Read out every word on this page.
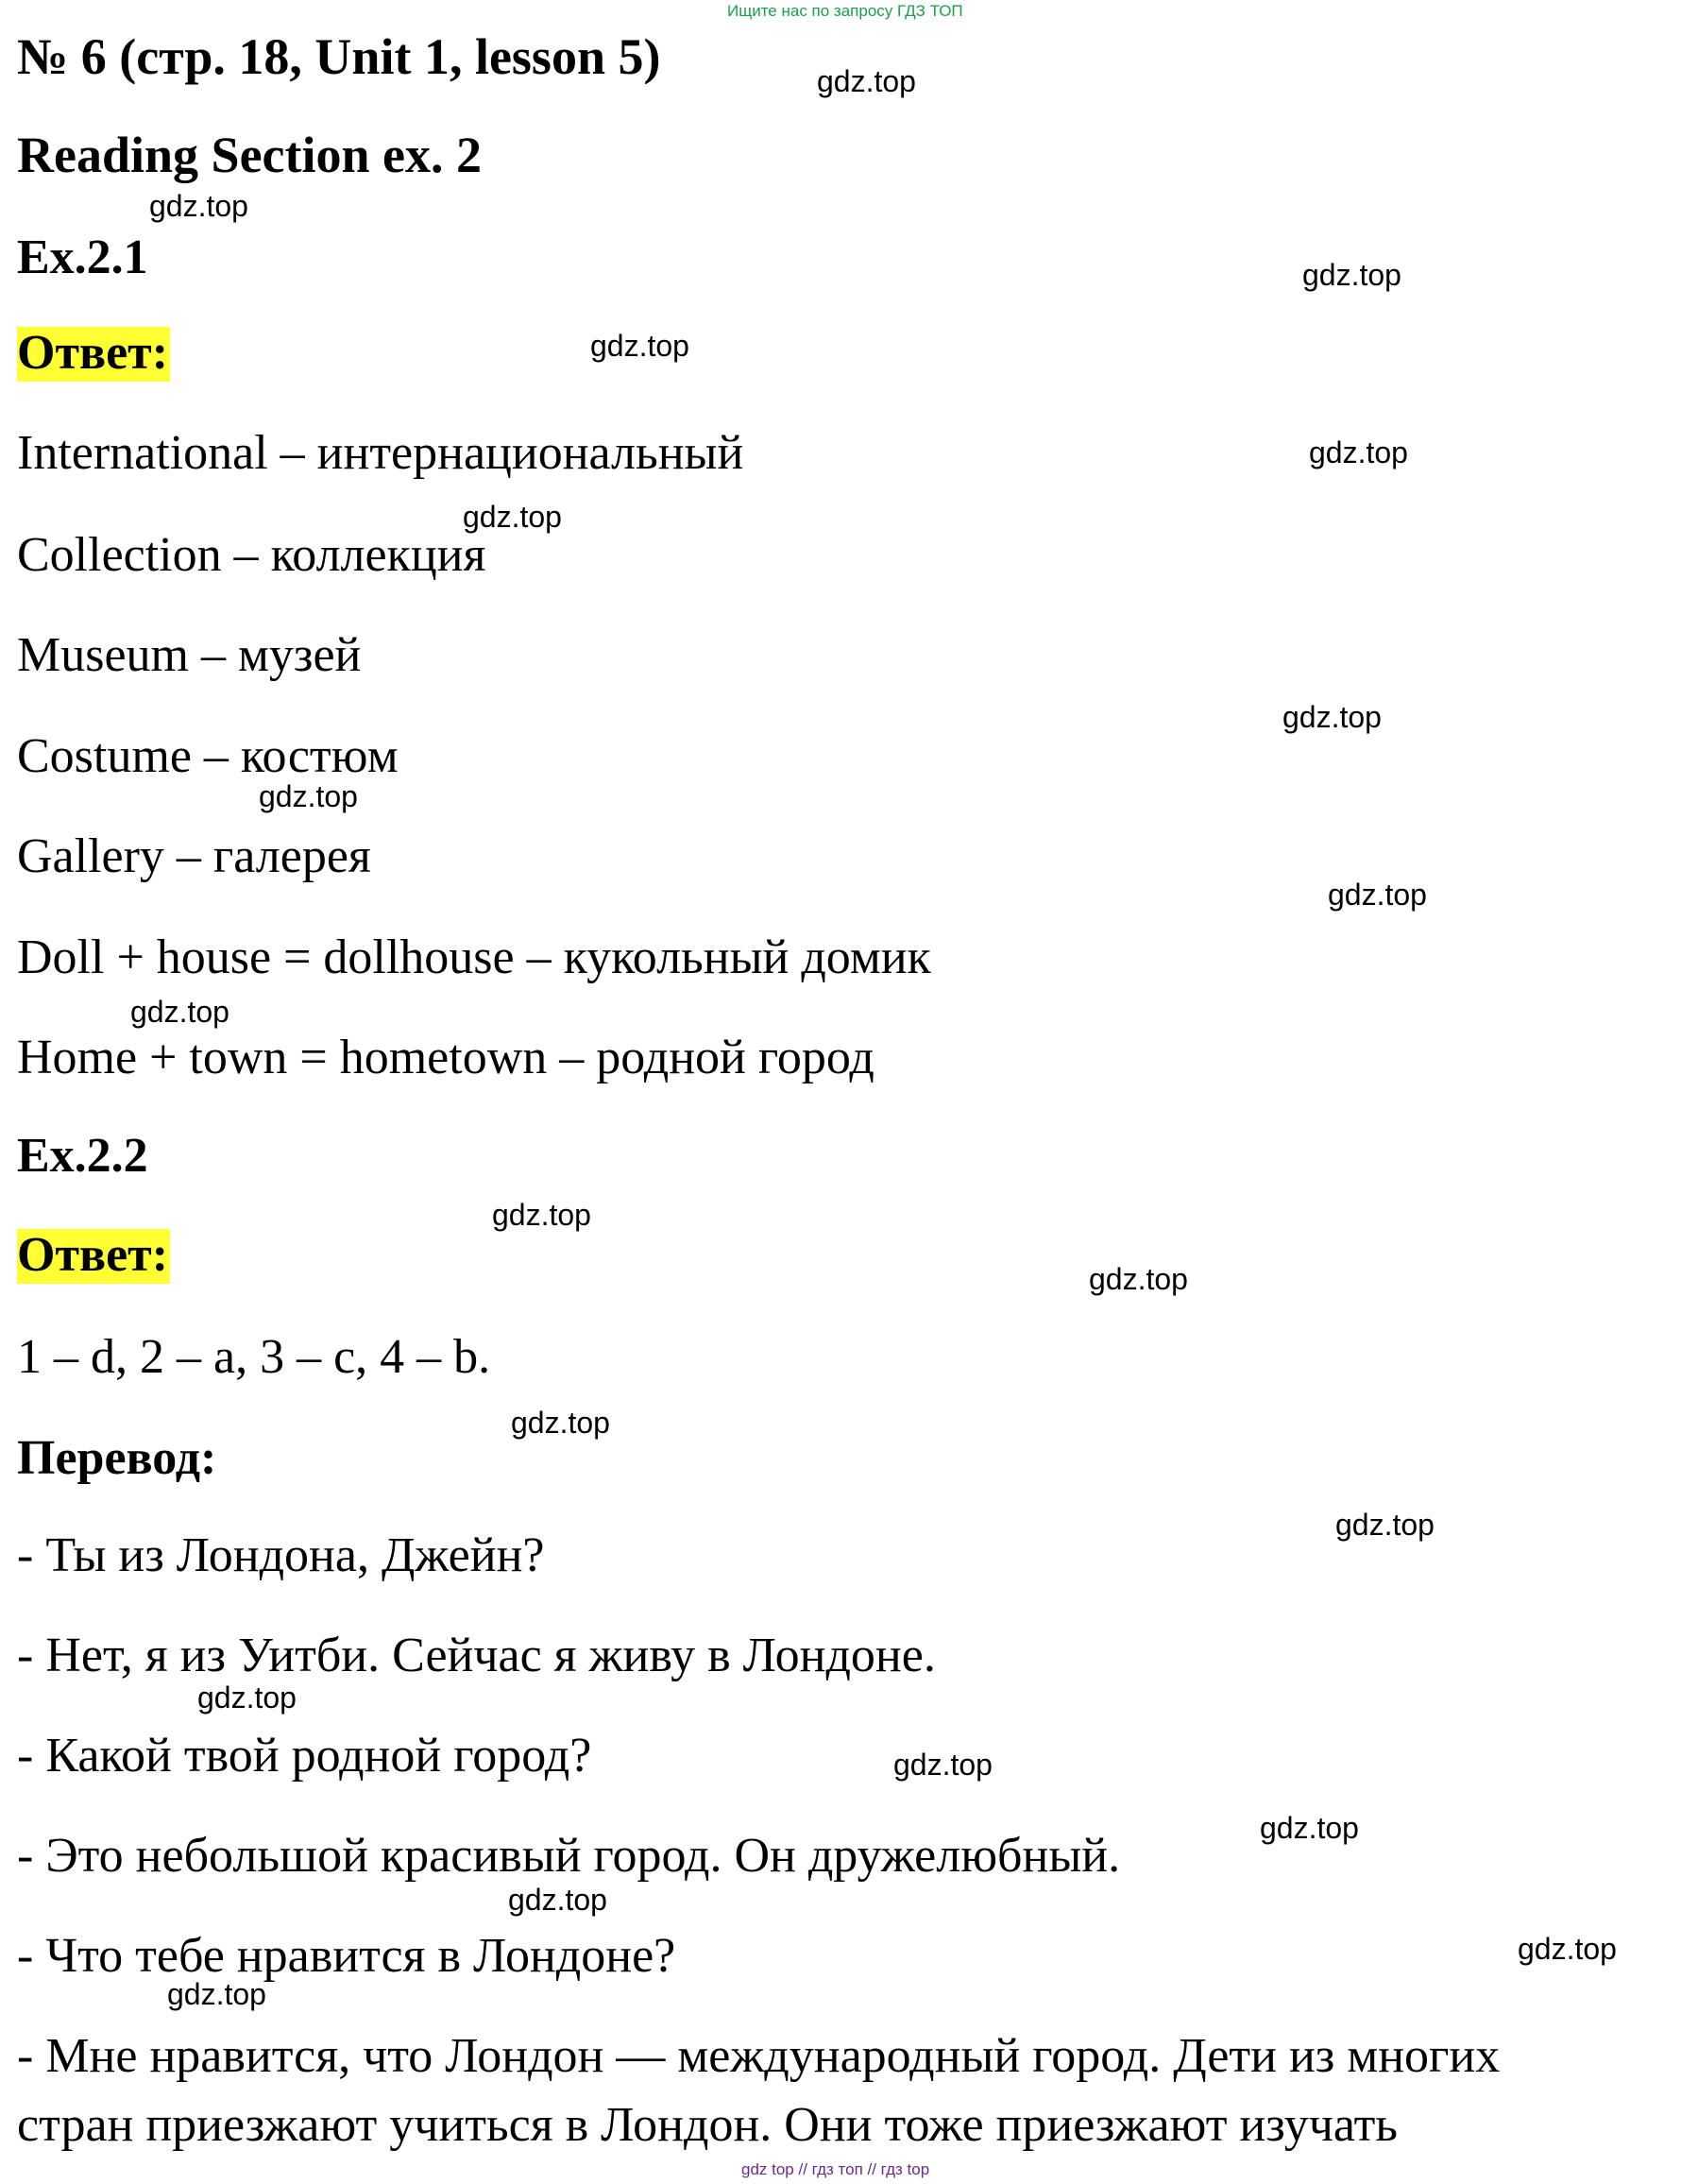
Ищите нас по запросу ГДЗ ТОП
№ 6 (стр. 18, Unit 1, lesson 5)
Reading Section ex. 2
Ex.2.1
Ответ:
International – интернациональный
Collection – коллекция
Museum – музей
Costume – костюм
Gallery – галерея
Doll + house = dollhouse – кукольный домик
Home + town = hometown – родной город
Ex.2.2
Ответ:
1 – d, 2 – a, 3 – c, 4 – b.
Перевод:
- Ты из Лондона, Джейн?
- Нет, я из Уитби. Сейчас я живу в Лондоне.
- Какой твой родной город?
- Это небольшой красивый город. Он дружелюбный.
- Что тебе нравится в Лондоне?
- Мне нравится, что Лондон — международный город. Дети из многих
стран приезжают учиться в Лондон. Они тоже приезжают изучать
gdz.top
gdz.top
gdz.top
gdz.top
gdz.top
gdz.top
gdz.top
gdz.top
gdz.top
gdz.top
gdz.top
gdz.top
gdz.top
gdz.top
gdz.top
gdz.top
gdz.top
gdz.top
gdz.top
gdz.top
gdz top // гдз топ // гдз top
